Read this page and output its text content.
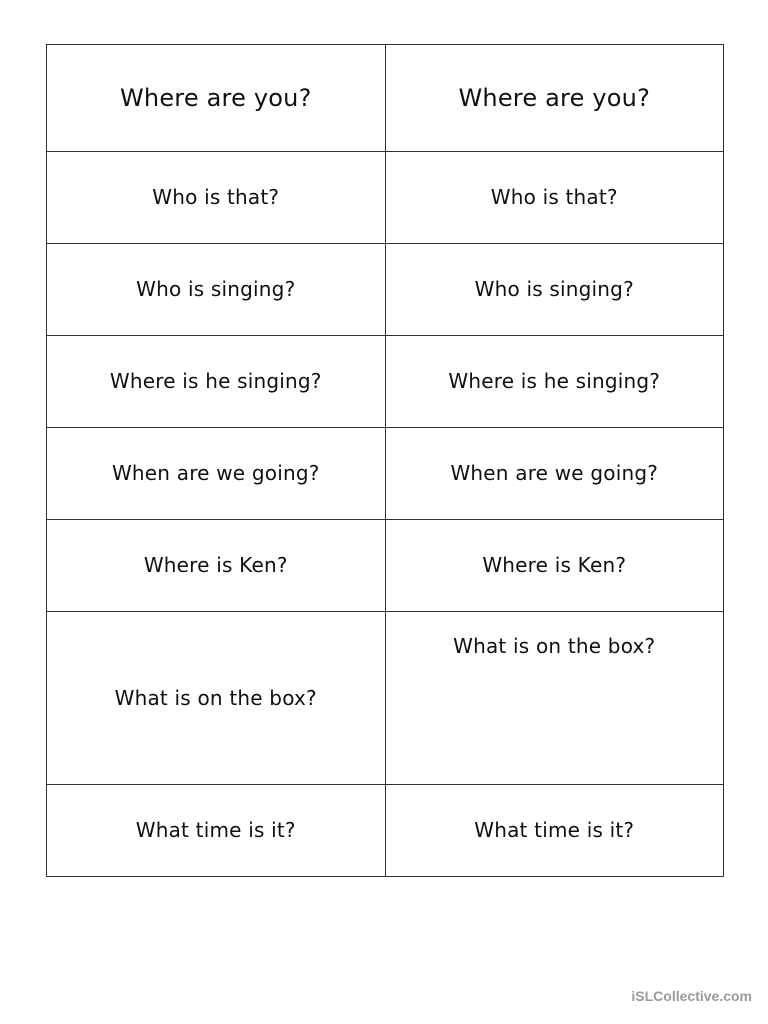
Where are you?	Where are you?
Who is that?	Who is that?
Who is singing?	Who is singing?
Where is he singing?	Where is he singing?
When are we going?	When are we going?
Where is Ken?	Where is Ken?
What is on the box?	What is on the box?
What time is it?	What time is it?
iSLCollective.com
